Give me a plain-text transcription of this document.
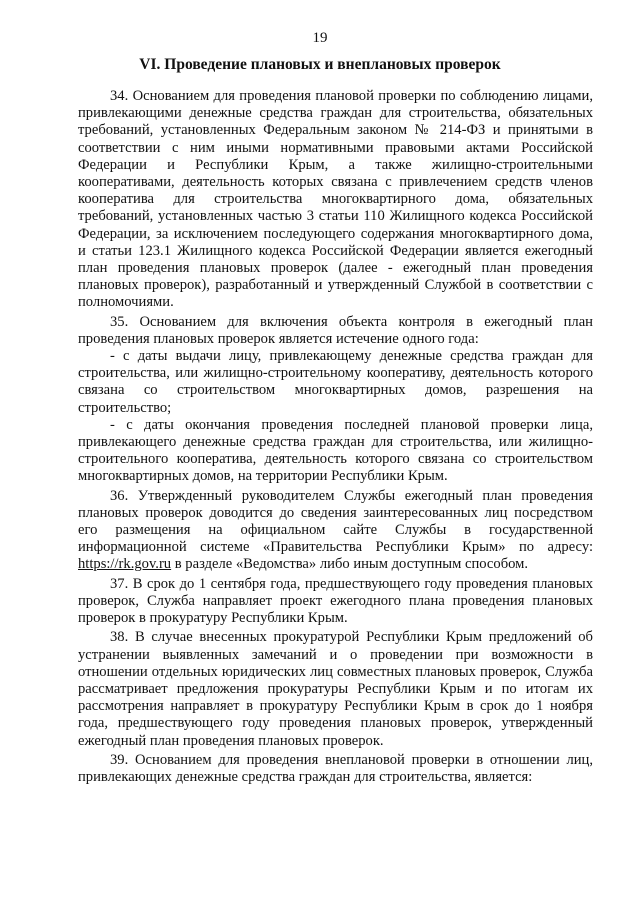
19
VI. Проведение плановых и внеплановых проверок

34. Основанием для проведения плановой проверки по соблюдению лицами, привлекающими денежные средства граждан для строительства, обязательных требований, установленных Федеральным законом № 214-ФЗ и принятыми в соответствии с ним иными нормативными правовыми актами Российской Федерации и Республики Крым, а также жилищно-строительными кооперативами, деятельность которых связана с привлечением средств членов кооператива для строительства многоквартирного дома, обязательных требований, установленных частью 3 статьи 110 Жилищного кодекса Российской Федерации, за исключением последующего содержания многоквартирного дома, и статьи 123.1 Жилищного кодекса Российской Федерации является ежегодный план проведения плановых проверок (далее - ежегодный план проведения плановых проверок), разработанный и утвержденный Службой в соответствии с полномочиями.

35. Основанием для включения объекта контроля в ежегодный план проведения плановых проверок является истечение одного года:

- с даты выдачи лицу, привлекающему денежные средства граждан для строительства, или жилищно-строительному кооперативу, деятельность которого связана со строительством многоквартирных домов, разрешения на строительство;

- с даты окончания проведения последней плановой проверки лица, привлекающего денежные средства граждан для строительства, или жилищно-строительного кооператива, деятельность которого связана со строительством многоквартирных домов, на территории Республики Крым.

36. Утвержденный руководителем Службы ежегодный план проведения плановых проверок доводится до сведения заинтересованных лиц посредством его размещения на официальном сайте Службы в государственной информационной системе «Правительства Республики Крым» по адресу: https://rk.gov.ru в разделе «Ведомства» либо иным доступным способом.

37. В срок до 1 сентября года, предшествующего году проведения плановых проверок, Служба направляет проект ежегодного плана проведения плановых проверок в прокуратуру Республики Крым.

38. В случае внесенных прокуратурой Республики Крым предложений об устранении выявленных замечаний и о проведении при возможности в отношении отдельных юридических лиц совместных плановых проверок, Служба рассматривает предложения прокуратуры Республики Крым и по итогам их рассмотрения направляет в прокуратуру Республики Крым в срок до 1 ноября года, предшествующего году проведения плановых проверок, утвержденный ежегодный план проведения плановых проверок.

39. Основанием для проведения внеплановой проверки в отношении лиц, привлекающих денежные средства граждан для строительства, является:
